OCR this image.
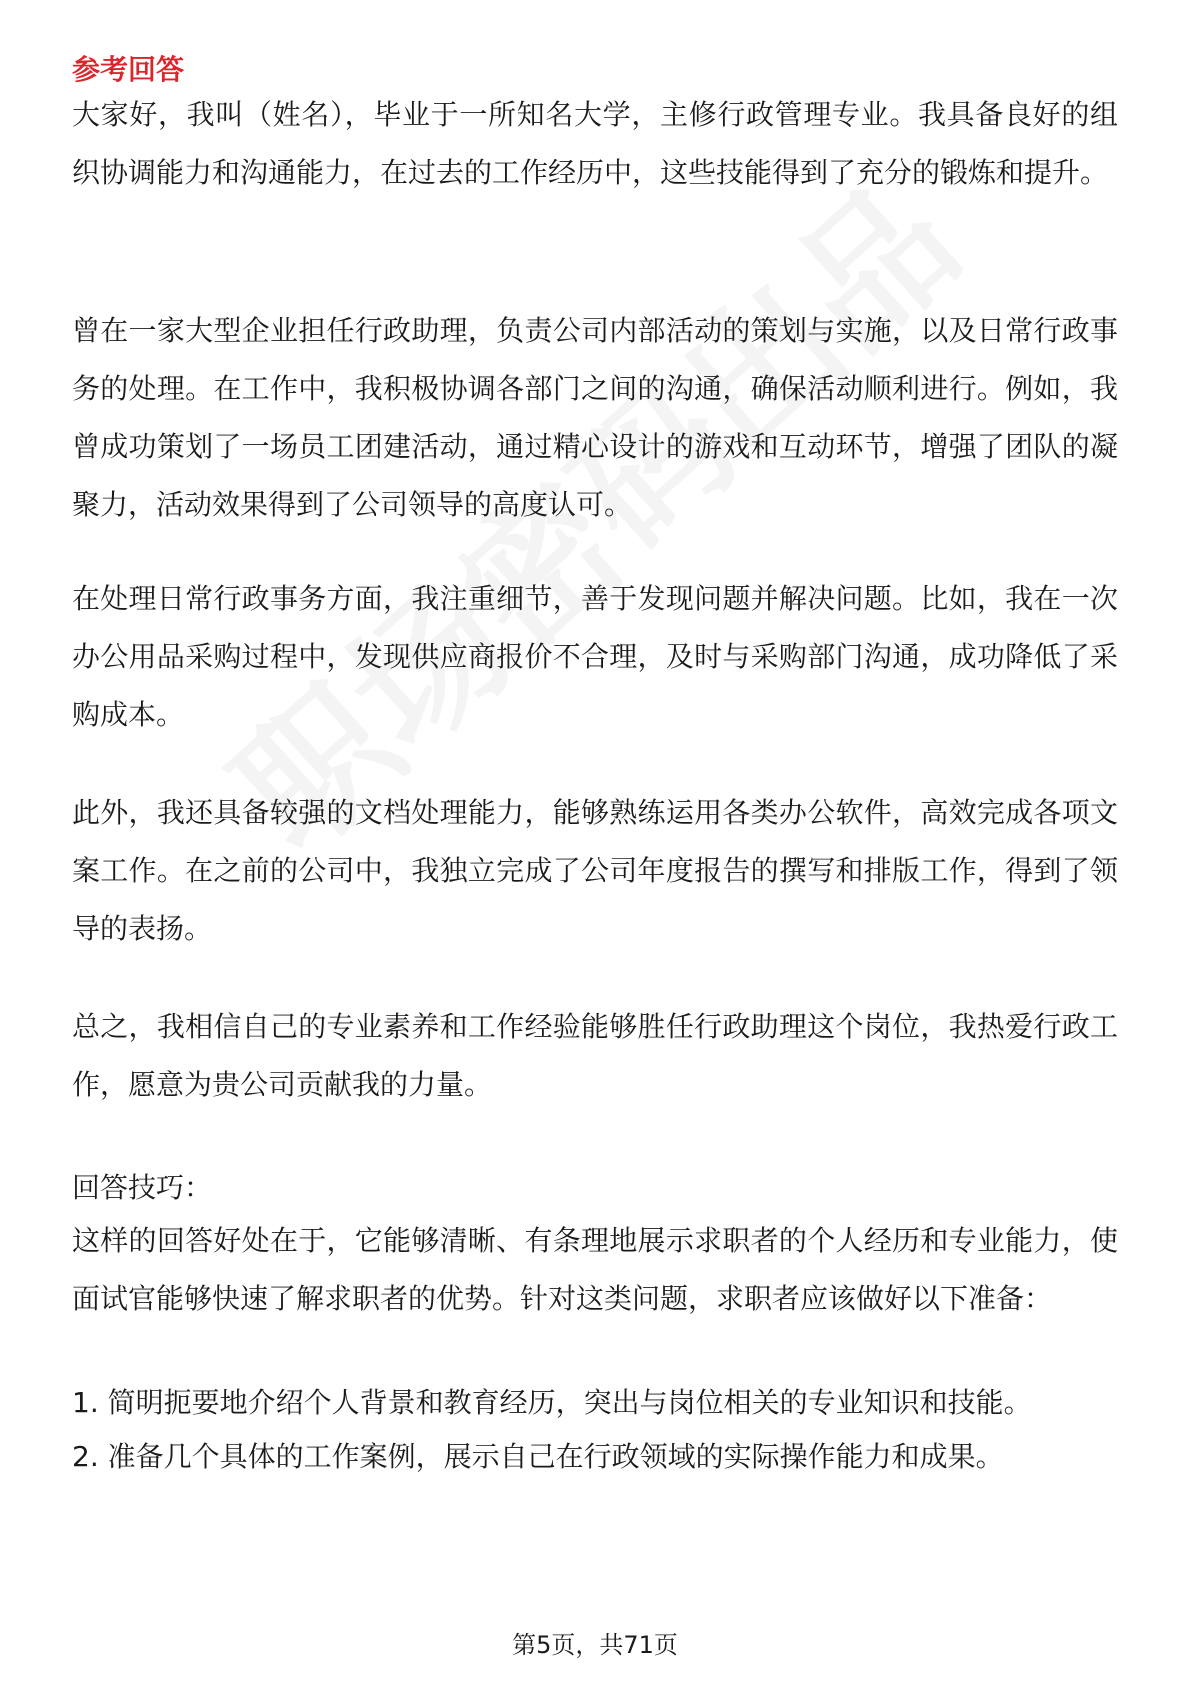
参考回答

大家好，我叫（姓名），毕业于一所知名大学，主修行政管理专业。我具备良好的组织协调能力和沟通能力，在过去的工作经历中，这些技能得到了充分的锻炼和提升。

曾在一家大型企业担任行政助理，负责公司内部活动的策划与实施，以及日常行政事务的处理。在工作中，我积极协调各部门之间的沟通，确保活动顺利进行。例如，我曾成功策划了一场员工团建活动，通过精心设计的游戏和互动环节，增强了团队的凝聚力，活动效果得到了公司领导的高度认可。

在处理日常行政事务方面，我注重细节，善于发现问题并解决问题。比如，我在一次办公用品采购过程中，发现供应商报价不合理，及时与采购部门沟通，成功降低了采购成本。

此外，我还具备较强的文档处理能力，能够熟练运用各类办公软件，高效完成各项文案工作。在之前的公司中，我独立完成了公司年度报告的撰写和排版工作，得到了领导的表扬。

总之，我相信自己的专业素养和工作经验能够胜任行政助理这个岗位，我热爱行政工作，愿意为贵公司贡献我的力量。

回答技巧：

这样的回答好处在于，它能够清晰、有条理地展示求职者的个人经历和专业能力，使面试官能够快速了解求职者的优势。针对这类问题，求职者应该做好以下准备：

1. 简明扼要地介绍个人背景和教育经历，突出与岗位相关的专业知识和技能。

2. 准备几个具体的工作案例，展示自己在行政领域的实际操作能力和成果。

第5页，共71页
